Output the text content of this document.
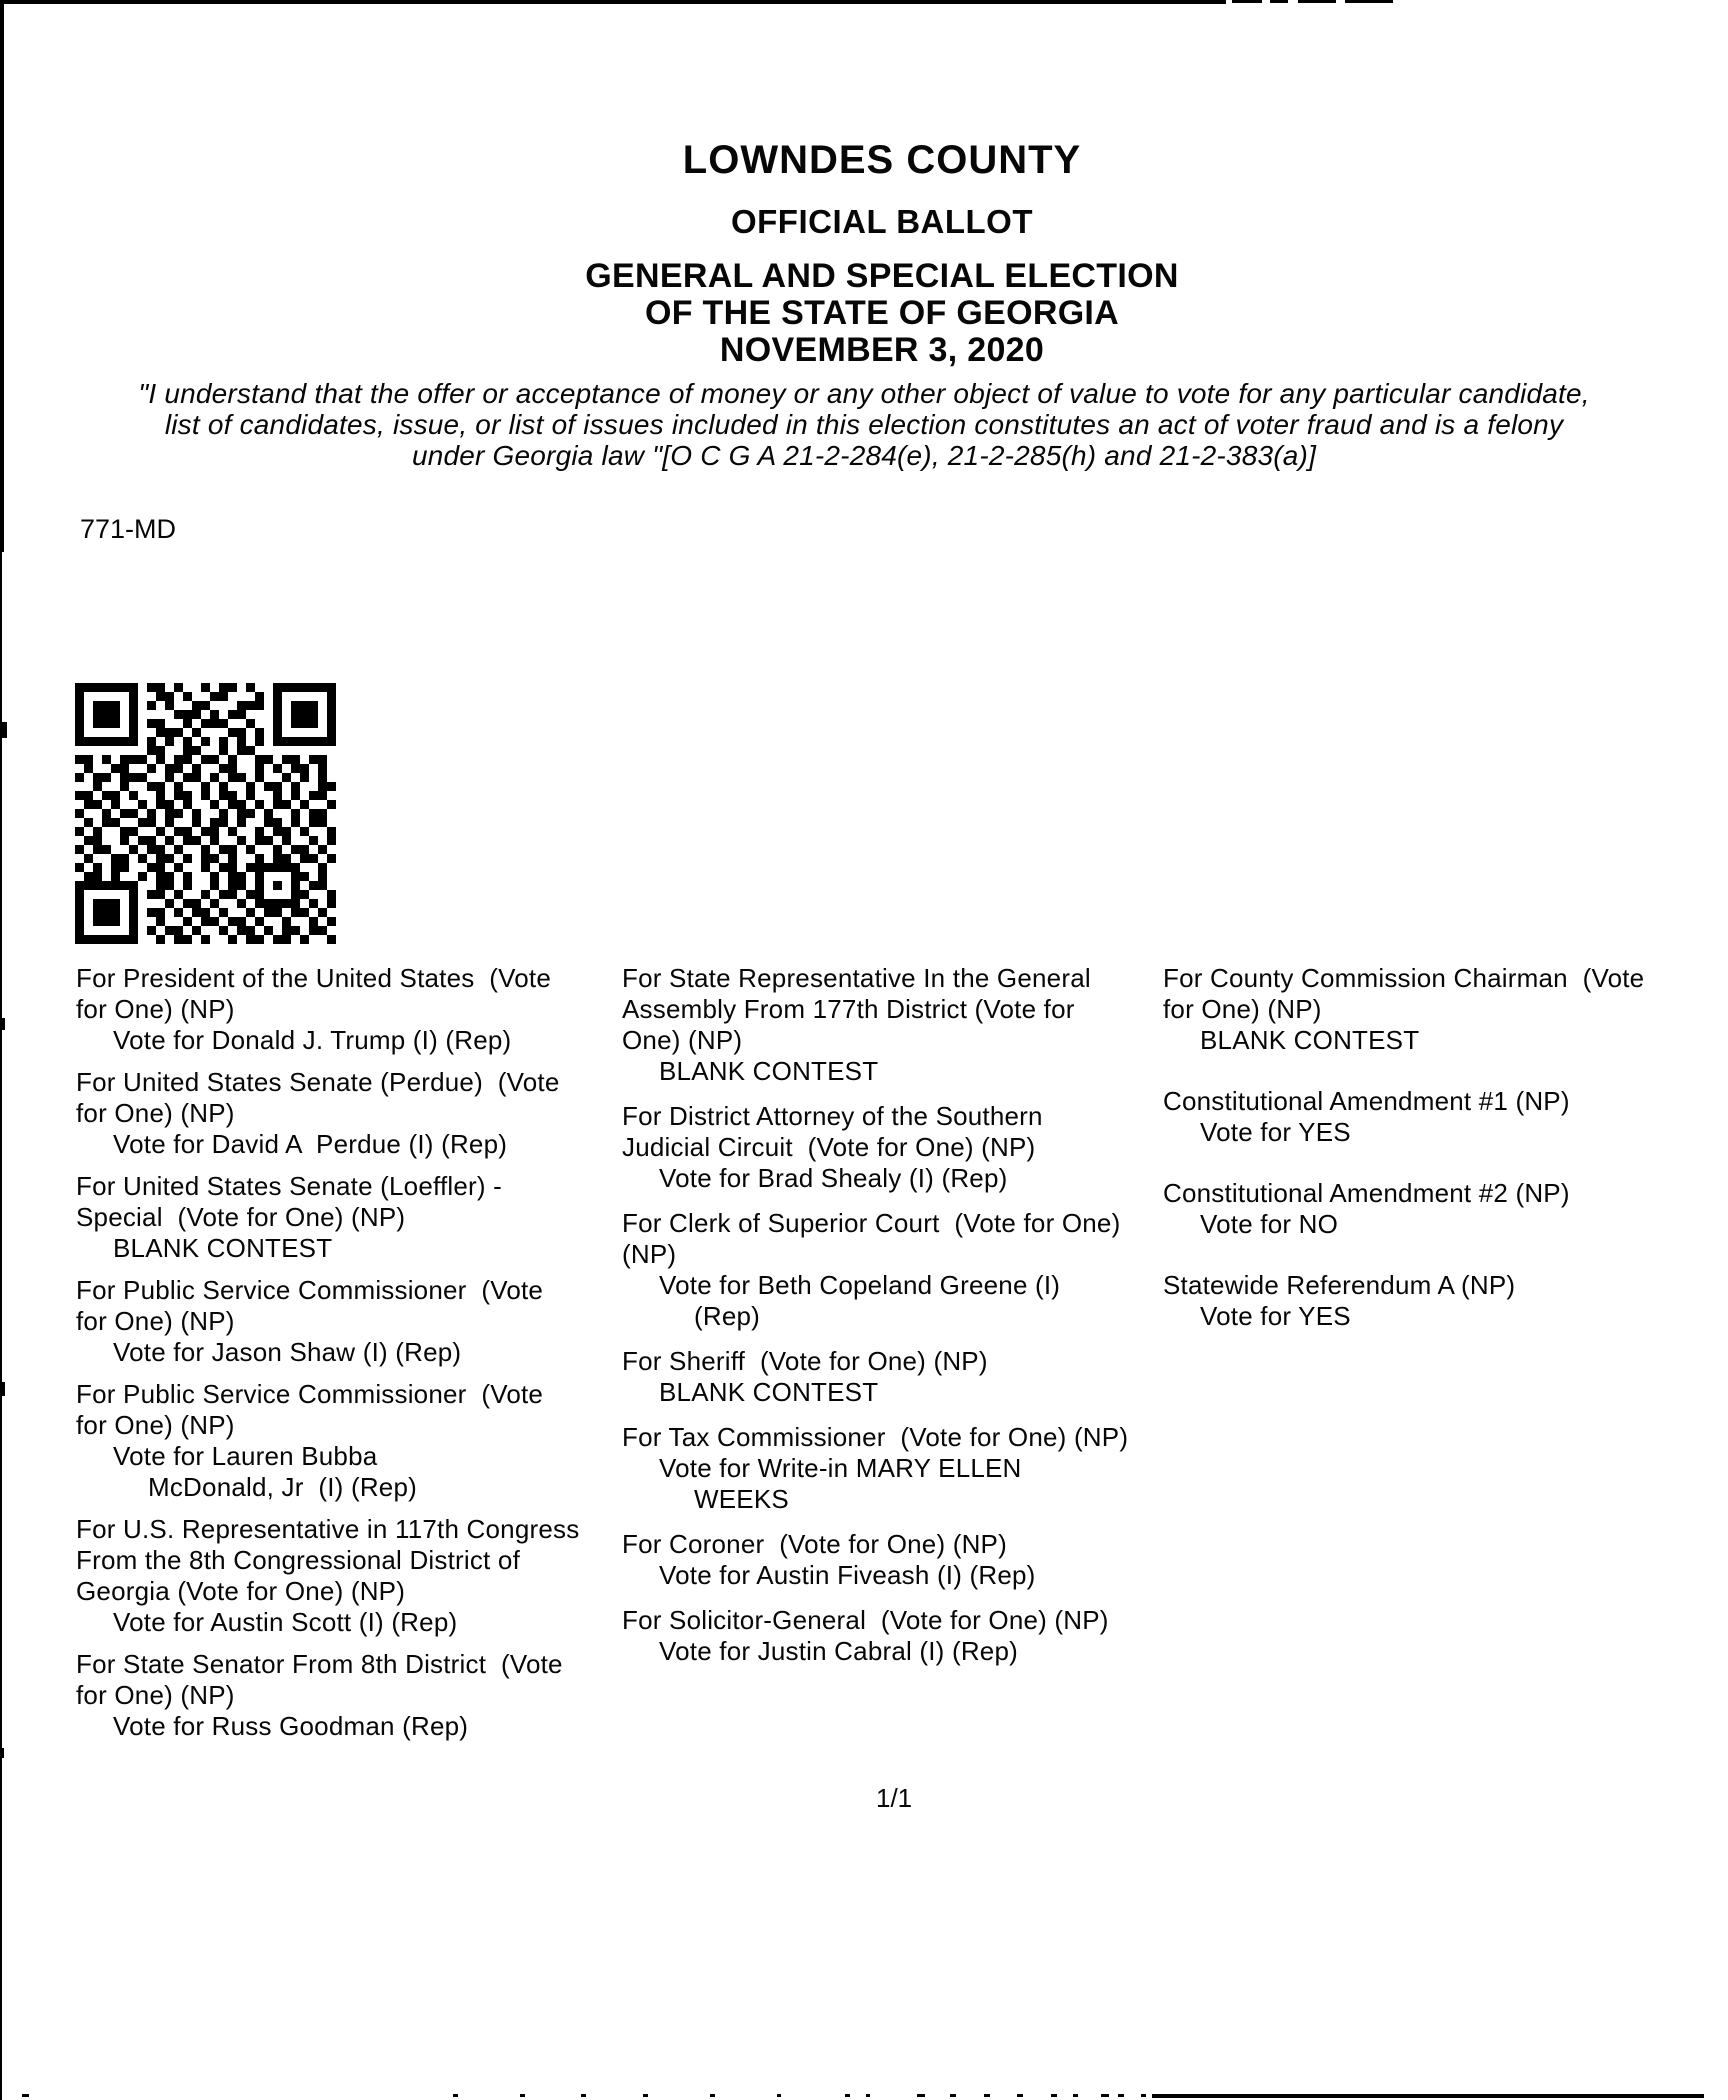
LOWNDES COUNTY
OFFICIAL BALLOT
GENERAL AND SPECIAL ELECTION
OF THE STATE OF GEORGIA
NOVEMBER 3, 2020
"I understand that the offer or acceptance of money or any other object of value to vote for any particular candidate,
list of candidates, issue, or list of issues included in this election constitutes an act of voter fraud and is a felony
under Georgia law "[O C G A 21-2-284(e), 21-2-285(h) and 21-2-383(a)]
771-MD
For President of the United States  (Vote
for One) (NP)
Vote for Donald J. Trump (I) (Rep)
For United States Senate (Perdue)  (Vote
for One) (NP)
Vote for David A  Perdue (I) (Rep)
For United States Senate (Loeffler) -
Special  (Vote for One) (NP)
BLANK CONTEST
For Public Service Commissioner  (Vote
for One) (NP)
Vote for Jason Shaw (I) (Rep)
For Public Service Commissioner  (Vote
for One) (NP)
Vote for Lauren Bubba
McDonald, Jr  (I) (Rep)
For U.S. Representative in 117th Congress
From the 8th Congressional District of
Georgia (Vote for One) (NP)
Vote for Austin Scott (I) (Rep)
For State Senator From 8th District  (Vote
for One) (NP)
Vote for Russ Goodman (Rep)
For State Representative In the General
Assembly From 177th District (Vote for
One) (NP)
BLANK CONTEST
For District Attorney of the Southern
Judicial Circuit  (Vote for One) (NP)
Vote for Brad Shealy (I) (Rep)
For Clerk of Superior Court  (Vote for One)
(NP)
Vote for Beth Copeland Greene (I)
(Rep)
For Sheriff  (Vote for One) (NP)
BLANK CONTEST
For Tax Commissioner  (Vote for One) (NP)
Vote for Write-in MARY ELLEN
WEEKS
For Coroner  (Vote for One) (NP)
Vote for Austin Fiveash (I) (Rep)
For Solicitor-General  (Vote for One) (NP)
Vote for Justin Cabral (I) (Rep)
For County Commission Chairman  (Vote
for One) (NP)
BLANK CONTEST
Constitutional Amendment #1 (NP)
Vote for YES
Constitutional Amendment #2 (NP)
Vote for NO
Statewide Referendum A (NP)
Vote for YES
1/1
